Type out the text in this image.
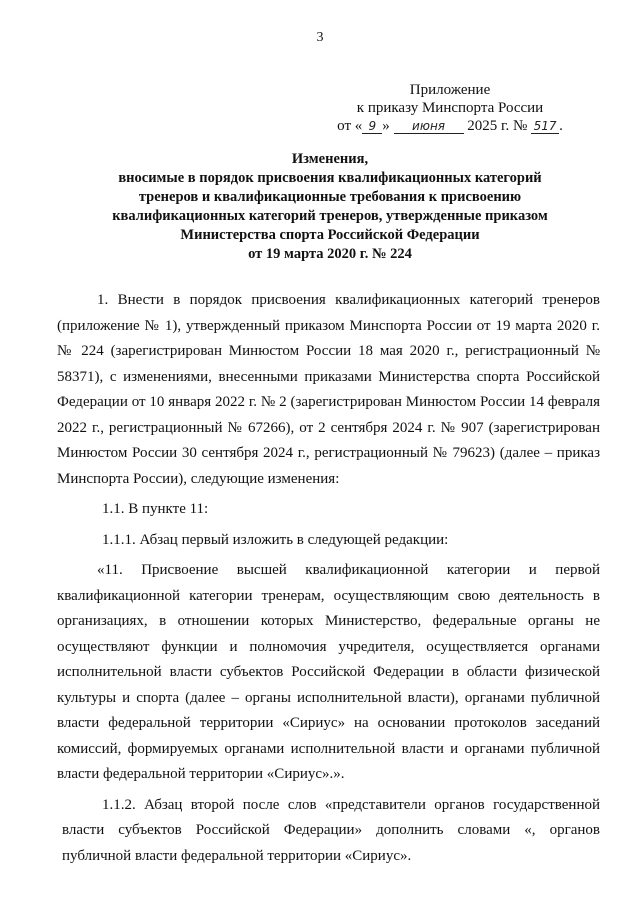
3
Приложение
к приказу Минспорта России
от « 9 » июня 2025 г. № 517 .
Изменения,
вносимые в порядок присвоения квалификационных категорий
тренеров и квалификационные требования к присвоению
квалификационных категорий тренеров, утвержденные приказом
Министерства спорта Российской Федерации
от 19 марта 2020 г. № 224

1. Внести в порядок присвоения квалификационных категорий тренеров (приложение № 1), утвержденный приказом Минспорта России от 19 марта 2020 г. № 224 (зарегистрирован Минюстом России 18 мая 2020 г., регистрационный № 58371), с изменениями, внесенными приказами Министерства спорта Российской Федерации от 10 января 2022 г. № 2 (зарегистрирован Минюстом России 14 февраля 2022 г., регистрационный № 67266), от 2 сентября 2024 г. № 907 (зарегистрирован Минюстом России 30 сентября 2024 г., регистрационный № 79623) (далее – приказ Минспорта России), следующие изменения:

1.1. В пункте 11:

1.1.1. Абзац первый изложить в следующей редакции:

«11. Присвоение высшей квалификационной категории и первой квалификационной категории тренерам, осуществляющим свою деятельность в организациях, в отношении которых Министерство, федеральные органы не осуществляют функции и полномочия учредителя, осуществляется органами исполнительной власти субъектов Российской Федерации в области физической культуры и спорта (далее – органы исполнительной власти), органами публичной власти федеральной территории «Сириус» на основании протоколов заседаний комиссий, формируемых органами исполнительной власти и органами публичной власти федеральной территории «Сириус».».

1.1.2. Абзац второй после слов «представители органов государственной власти субъектов Российской Федерации» дополнить словами «, органов публичной власти федеральной территории «Сириус».
